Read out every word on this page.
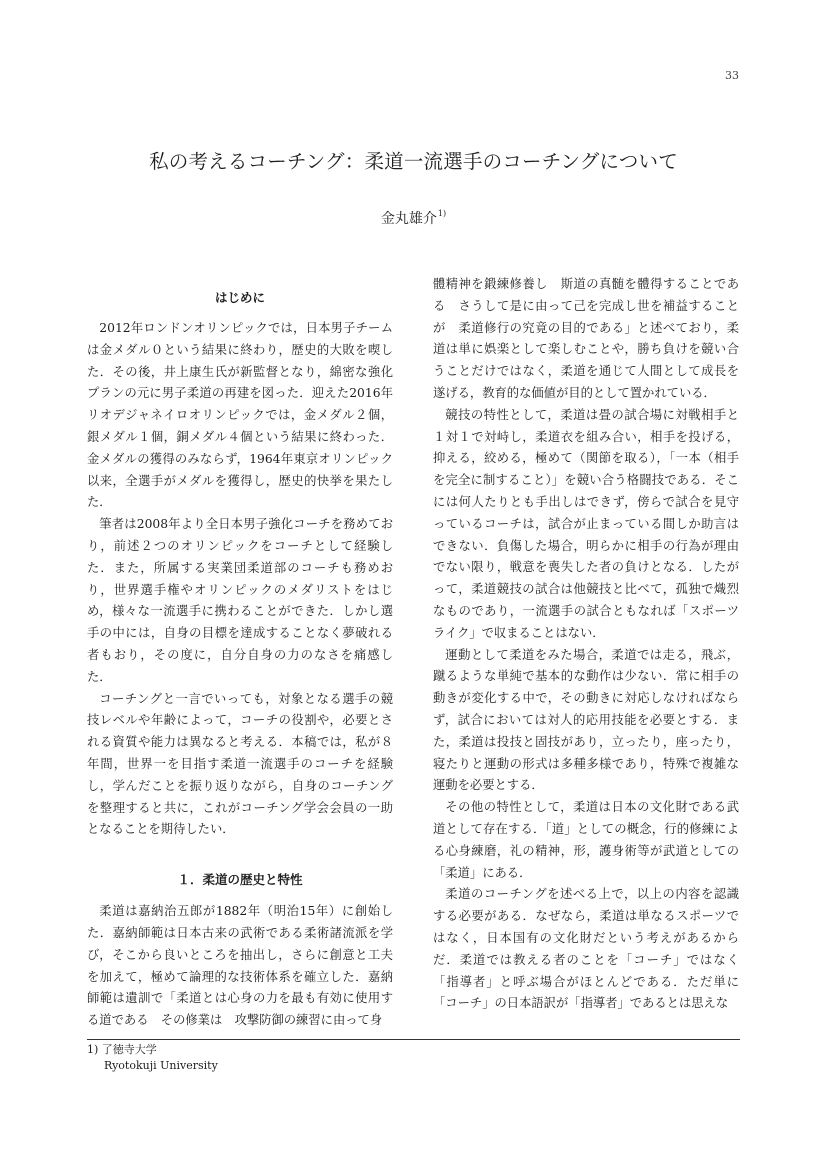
33
私の考えるコーチング：柔道一流選手のコーチングについて
金丸雄介$^{1)}$
はじめに

2012年ロンドンオリンピックでは，日本男子チームは金メダル０という結果に終わり，歴史的大敗を喫した．その後，井上康生氏が新監督となり，綿密な強化プランの元に男子柔道の再建を図った．迎えた2016年リオデジャネイロオリンピックでは，金メダル２個，銀メダル１個，銅メダル４個という結果に終わった．金メダルの獲得のみならず，1964年東京オリンピック以来，全選手がメダルを獲得し，歴史的快挙を果たした．

筆者は2008年より全日本男子強化コーチを務めており，前述２つのオリンピックをコーチとして経験した．また，所属する実業団柔道部のコーチも務めおり，世界選手権やオリンピックのメダリストをはじめ，様々な一流選手に携わることができた．しかし選手の中には，自身の目標を達成することなく夢破れる者もおり，その度に，自分自身の力のなさを痛感した．

コーチングと一言でいっても，対象となる選手の競技レベルや年齢によって，コーチの役割や，必要とされる資質や能力は異なると考える．本稿では，私が８年間，世界一を目指す柔道一流選手のコーチを経験し，学んだことを振り返りながら，自身のコーチングを整理すると共に，これがコーチング学会会員の一助となることを期待したい．

１．柔道の歴史と特性

柔道は嘉納治五郎が1882年（明治15年）に創始した．嘉納師範は日本古来の武術である柔術諸流派を学び，そこから良いところを抽出し，さらに創意と工夫を加えて，極めて論理的な技術体系を確立した．嘉納師範は遺訓で「柔道とは心身の力を最も有効に使用する道である　その修業は　攻撃防御の練習に由って身

體精神を鍛練修養し　斯道の真髄を體得することである　さうして是に由って己を完成し世を補益することが　柔道修行の究竟の目的である」と述べており，柔道は単に娯楽として楽しむことや，勝ち負けを競い合うことだけではなく，柔道を通じて人間として成長を遂げる，教育的な価値が目的として置かれている．

競技の特性として，柔道は畳の試合場に対戦相手と１対１で対峙し，柔道衣を組み合い，相手を投げる，抑える，絞める，極めて（関節を取る），「一本（相手を完全に制すること）」を競い合う格闘技である．そこには何人たりとも手出しはできず，傍らで試合を見守っているコーチは，試合が止まっている間しか助言はできない．負傷した場合，明らかに相手の行為が理由でない限り，戦意を喪失した者の負けとなる．したがって，柔道競技の試合は他競技と比べて，孤独で熾烈なものであり，一流選手の試合ともなれば「スポーツライク」で収まることはない．

運動として柔道をみた場合，柔道では走る，飛ぶ，蹴るような単純で基本的な動作は少ない．常に相手の動きが変化する中で，その動きに対応しなければならず，試合においては対人的応用技能を必要とする．また，柔道は投技と固技があり，立ったり，座ったり，寝たりと運動の形式は多種多様であり，特殊で複雑な運動を必要とする．

その他の特性として，柔道は日本の文化財である武道として存在する．「道」としての概念，行的修練による心身練磨，礼の精神，形，護身術等が武道としての「柔道」にある．

柔道のコーチングを述べる上で，以上の内容を認識する必要がある．なぜなら，柔道は単なるスポーツではなく，日本国有の文化財だという考えがあるからだ．柔道では教える者のことを「コーチ」ではなく「指導者」と呼ぶ場合がほとんどである．ただ単に「コーチ」の日本語訳が「指導者」であるとは思えな

1) 了徳寺大学
Ryotokuji University
